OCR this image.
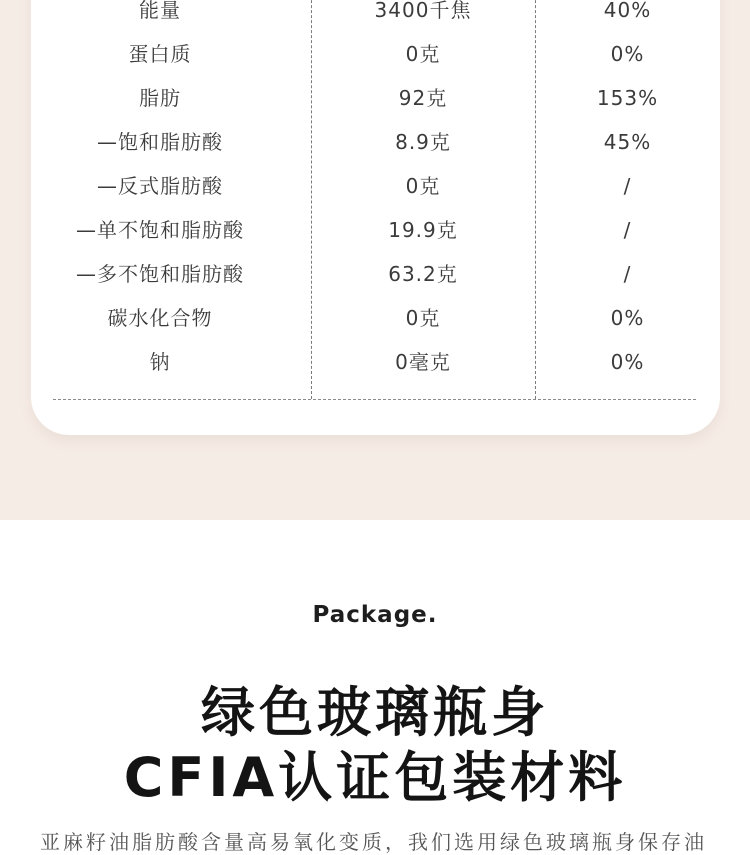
能量	3400千焦	40%
蛋白质	0克	0%
脂肪	92克	153%
—饱和脂肪酸	8.9克	45%
—反式脂肪酸	0克	/
—单不饱和脂肪酸	19.9克	/
—多不饱和脂肪酸	63.2克	/
碳水化合物	0克	0%
钠	0毫克	0%
Package.
绿色玻璃瓶身
CFIA认证包装材料
亚麻籽油脂肪酸含量高易氧化变质，我们选用绿色玻璃瓶身保存油
